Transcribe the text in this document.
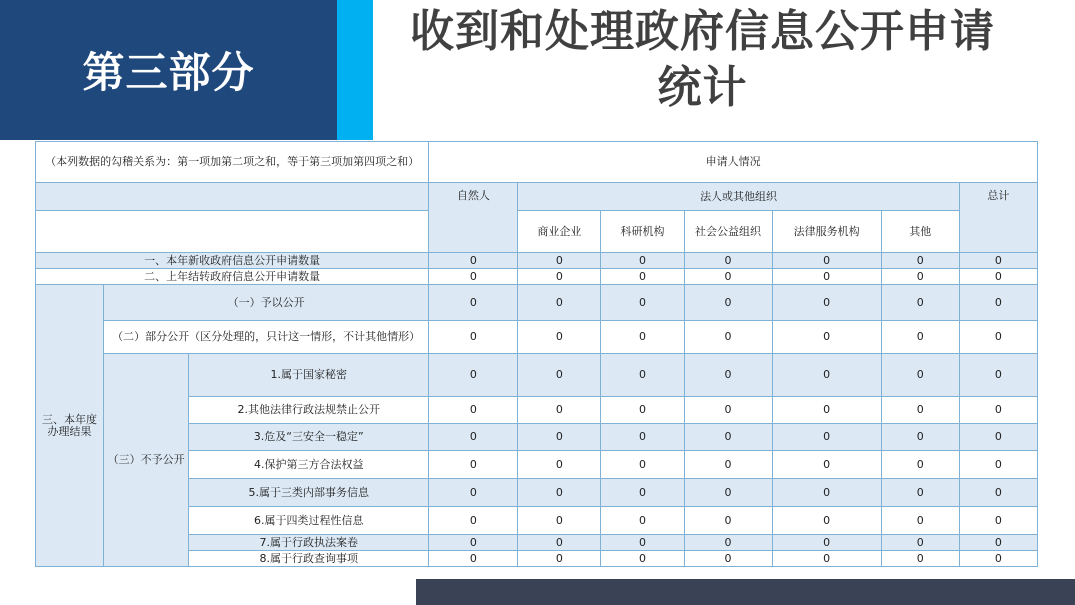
第三部分
收到和处理政府信息公开申请
统计
（本列数据的勾稽关系为：第一项加第二项之和，等于第三项加第四项之和）			申请人情况						
			自然人	法人或其他组织					总计
				商业企业	科研机构	社会公益组织	法律服务机构	其他	
一、本年新收政府信息公开申请数量			0	0	0	0	0	0	0
二、上年结转政府信息公开申请数量			0	0	0	0	0	0	0
三、本年度办理结果	（一）予以公开		0	0	0	0	0	0	0
	（二）部分公开（区分处理的，只计这一情形，不计其他情形）		0	0	0	0	0	0	0
	（三）不予公开	1.属于国家秘密	0	0	0	0	0	0	0
		2.其他法律行政法规禁止公开	0	0	0	0	0	0	0
		3.危及“三安全一稳定”	0	0	0	0	0	0	0
		4.保护第三方合法权益	0	0	0	0	0	0	0
		5.属于三类内部事务信息	0	0	0	0	0	0	0
		6.属于四类过程性信息	0	0	0	0	0	0	0
		7.属于行政执法案卷	0	0	0	0	0	0	0
		8.属于行政查询事项	0	0	0	0	0	0	0
